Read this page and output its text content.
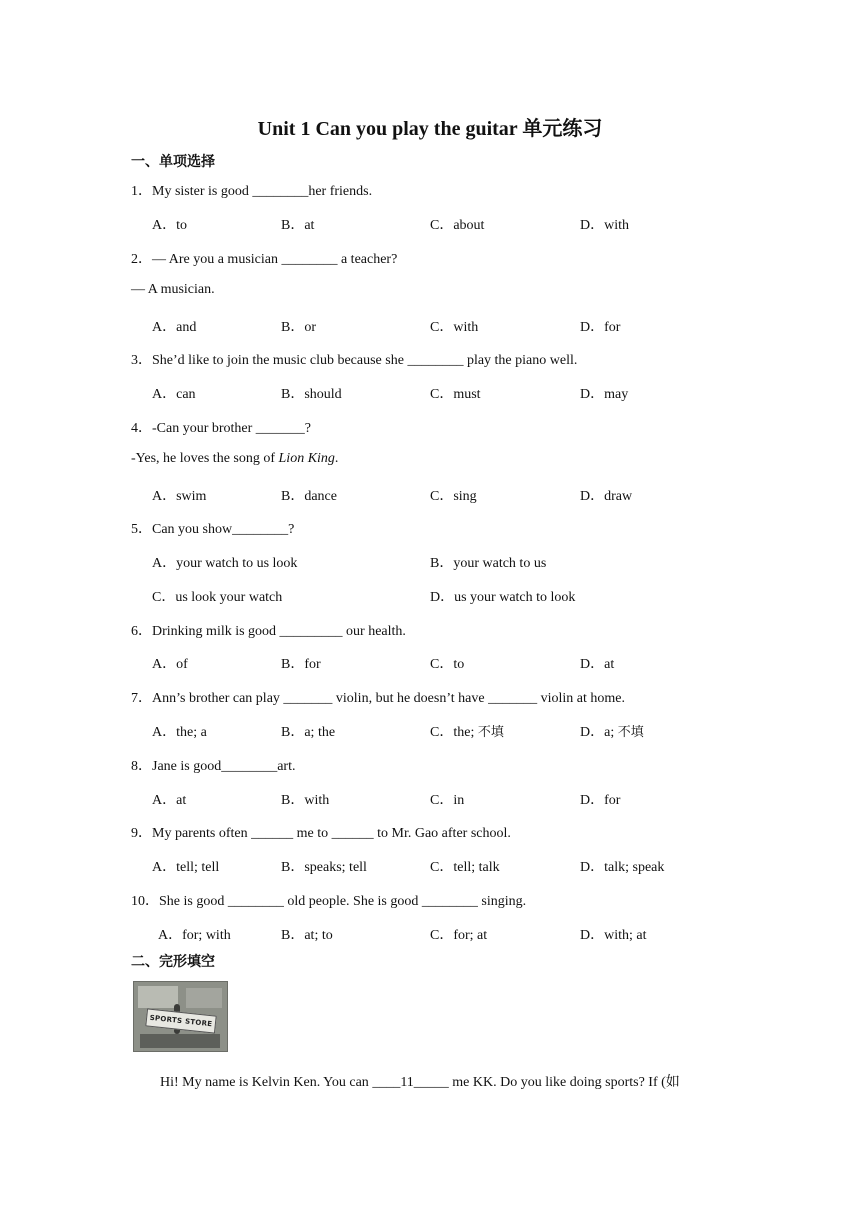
Unit 1 Can you play the guitar 单元练习
一、单项选择
1．My sister is good ________her friends.
A．to	B．at	C．about	D．with
2．— Are you a musician ________ a teacher?
— A musician.
A．and	B．or	C．with	D．for
3．She’d like to join the music club because she ________ play the piano well.
A．can	B．should	C．must	D．may
4．-Can your brother _______?
-Yes, he loves the song of Lion King.
A．swim	B．dance	C．sing	D．draw
5．Can you show________?
A．your watch to us look	B．your watch to us
C．us look your watch	D．us your watch to look
6．Drinking milk is good _________ our health.
A．of	B．for	C．to	D．at
7．Ann’s brother can play _______ violin, but he doesn’t have _______ violin at home.
A．the; a	B．a; the	C．the; 不填	D．a; 不填
8．Jane is good________art.
A．at	B．with	C．in	D．for
9．My parents often ______ me to ______ to Mr. Gao after school.
A．tell; tell	B．speaks; tell	C．tell; talk	D．talk; speak
10．She is good ________ old people. She is good ________ singing.
A．for; with	B．at; to	C．for; at	D．with; at
二、完形填空
SPORTS STORE
Hi! My name is Kelvin Ken. You can ____11_____ me KK. Do you like doing sports? If (如
